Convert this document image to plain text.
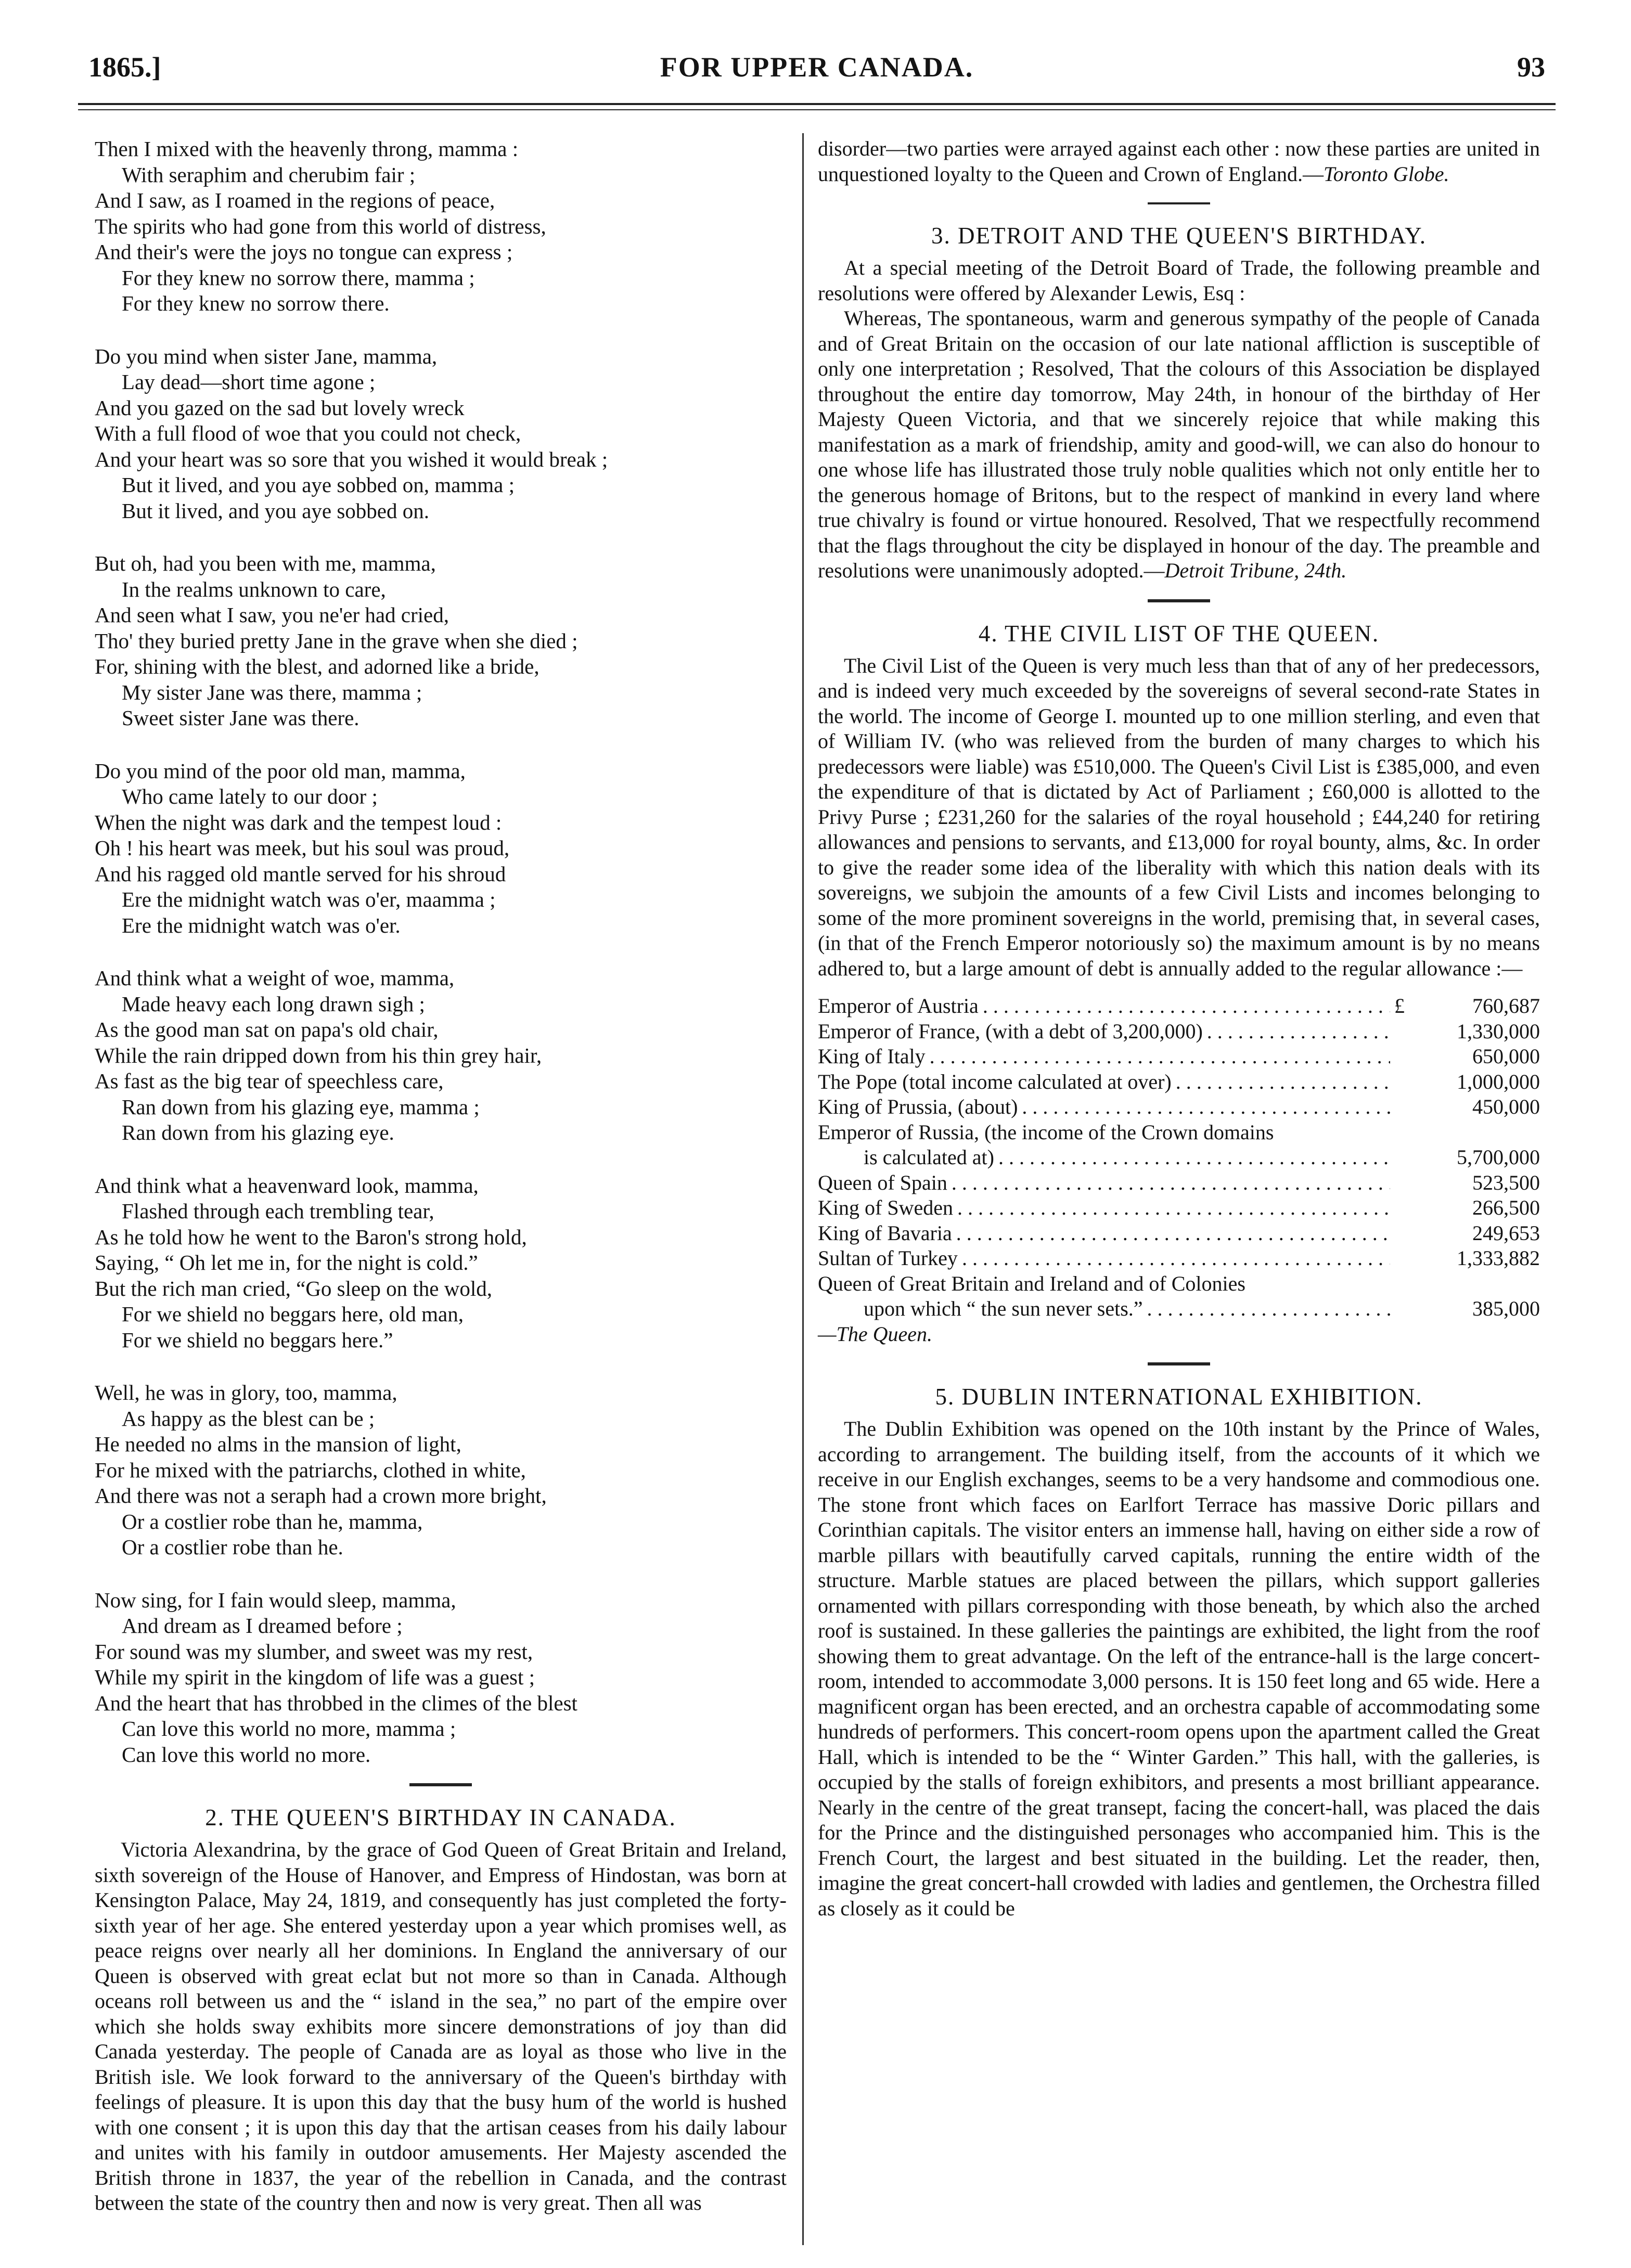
1865.]	FOR UPPER CANADA.	93
Then I mixed with the heavenly throng, mamma :
With seraphim and cherubim fair ;
And I saw, as I roamed in the regions of peace,
The spirits who had gone from this world of distress,
And their's were the joys no tongue can express ;
For they knew no sorrow there, mamma ;
For they knew no sorrow there.
Do you mind when sister Jane, mamma,
Lay dead—short time agone ;
And you gazed on the sad but lovely wreck
With a full flood of woe that you could not check,
And your heart was so sore that you wished it would break ;
But it lived, and you aye sobbed on, mamma ;
But it lived, and you aye sobbed on.
But oh, had you been with me, mamma,
In the realms unknown to care,
And seen what I saw, you ne'er had cried,
Tho' they buried pretty Jane in the grave when she died ;
For, shining with the blest, and adorned like a bride,
My sister Jane was there, mamma ;
Sweet sister Jane was there.
Do you mind of the poor old man, mamma,
Who came lately to our door ;
When the night was dark and the tempest loud :
Oh ! his heart was meek, but his soul was proud,
And his ragged old mantle served for his shroud
Ere the midnight watch was o'er, maamma ;
Ere the midnight watch was o'er.
And think what a weight of woe, mamma,
Made heavy each long drawn sigh ;
As the good man sat on papa's old chair,
While the rain dripped down from his thin grey hair,
As fast as the big tear of speechless care,
Ran down from his glazing eye, mamma ;
Ran down from his glazing eye.
And think what a heavenward look, mamma,
Flashed through each trembling tear,
As he told how he went to the Baron's strong hold,
Saying, “ Oh let me in, for the night is cold.”
But the rich man cried, “Go sleep on the wold,
For we shield no beggars here, old man,
For we shield no beggars here.”
Well, he was in glory, too, mamma,
As happy as the blest can be ;
He needed no alms in the mansion of light,
For he mixed with the patriarchs, clothed in white,
And there was not a seraph had a crown more bright,
Or a costlier robe than he, mamma,
Or a costlier robe than he.
Now sing, for I fain would sleep, mamma,
And dream as I dreamed before ;
For sound was my slumber, and sweet was my rest,
While my spirit in the kingdom of life was a guest ;
And the heart that has throbbed in the climes of the blest
Can love this world no more, mamma ;
Can love this world no more.
2. THE QUEEN'S BIRTHDAY IN CANADA.

Victoria Alexandrina, by the grace of God Queen of Great Britain and Ireland, sixth sovereign of the House of Hanover, and Empress of Hindostan, was born at Kensington Palace, May 24, 1819, and consequently has just completed the forty-sixth year of her age. She entered yesterday upon a year which promises well, as peace reigns over nearly all her dominions. In England the anniversary of our Queen is observed with great eclat but not more so than in Canada. Although oceans roll between us and the “ island in the sea,” no part of the empire over which she holds sway exhibits more sincere demonstrations of joy than did Canada yesterday. The people of Canada are as loyal as those who live in the British isle. We look forward to the anniversary of the Queen's birthday with feelings of pleasure. It is upon this day that the busy hum of the world is hushed with one consent ; it is upon this day that the artisan ceases from his daily labour and unites with his family in outdoor amusements. Her Majesty ascended the British throne in 1837, the year of the rebellion in Canada, and the contrast between the state of the country then and now is very great. Then all was

disorder—two parties were arrayed against each other : now these parties are united in unquestioned loyalty to the Queen and Crown of England.—Toronto Globe.

3. DETROIT AND THE QUEEN'S BIRTHDAY.

At a special meeting of the Detroit Board of Trade, the following preamble and resolutions were offered by Alexander Lewis, Esq :

Whereas, The spontaneous, warm and generous sympathy of the people of Canada and of Great Britain on the occasion of our late national affliction is susceptible of only one interpretation ; Resolved, That the colours of this Association be displayed throughout the entire day tomorrow, May 24th, in honour of the birthday of Her Majesty Queen Victoria, and that we sincerely rejoice that while making this manifestation as a mark of friendship, amity and good-will, we can also do honour to one whose life has illustrated those truly noble qualities which not only entitle her to the generous homage of Britons, but to the respect of mankind in every land where true chivalry is found or virtue honoured. Resolved, That we respectfully recommend that the flags throughout the city be displayed in honour of the day. The preamble and resolutions were unanimously adopted.—Detroit Tribune, 24th.

4. THE CIVIL LIST OF THE QUEEN.

The Civil List of the Queen is very much less than that of any of her predecessors, and is indeed very much exceeded by the sovereigns of several second-rate States in the world. The income of George I. mounted up to one million sterling, and even that of William IV. (who was relieved from the burden of many charges to which his predecessors were liable) was £510,000. The Queen's Civil List is £385,000, and even the expenditure of that is dictated by Act of Parliament ; £60,000 is allotted to the Privy Purse ; £231,260 for the salaries of the royal household ; £44,240 for retiring allowances and pensions to servants, and £13,000 for royal bounty, alms, &c. In order to give the reader some idea of the liberality with which this nation deals with its sovereigns, we subjoin the amounts of a few Civil Lists and incomes belonging to some of the more prominent sovereigns in the world, premising that, in several cases, (in that of the French Emperor notoriously so) the maximum amount is by no means adhered to, but a large amount of debt is annually added to the regular allowance :—

Emperor of Austria . . .	£	760,687
Emperor of France, (with a debt of 3,200,000) . . .	1,330,000
King of Italy . . .	650,000
The Pope (total income calculated at over) . . .	1,000,000
King of Prussia, (about) . . .	450,000
Emperor of Russia, (the income of the Crown domains
is calculated at) . . .	5,700,000
Queen of Spain . . .	523,500
King of Sweden . . .	266,500
King of Bavaria . . .	249,653
Sultan of Turkey . . .	1,333,882
Queen of Great Britain and Ireland and of Colonies
upon which “ the sun never sets.” . . .	385,000
—The Queen.
5. DUBLIN INTERNATIONAL EXHIBITION.

The Dublin Exhibition was opened on the 10th instant by the Prince of Wales, according to arrangement. The building itself, from the accounts of it which we receive in our English exchanges, seems to be a very handsome and commodious one. The stone front which faces on Earlfort Terrace has massive Doric pillars and Corinthian capitals. The visitor enters an immense hall, having on either side a row of marble pillars with beautifully carved capitals, running the entire width of the structure. Marble statues are placed between the pillars, which support galleries ornamented with pillars corresponding with those beneath, by which also the arched roof is sustained. In these galleries the paintings are exhibited, the light from the roof showing them to great advantage. On the left of the entrance-hall is the large concert-room, intended to accommodate 3,000 persons. It is 150 feet long and 65 wide. Here a magnificent organ has been erected, and an orchestra capable of accommodating some hundreds of performers. This concert-room opens upon the apartment called the Great Hall, which is intended to be the “ Winter Garden.” This hall, with the galleries, is occupied by the stalls of foreign exhibitors, and presents a most brilliant appearance. Nearly in the centre of the great transept, facing the concert-hall, was placed the dais for the Prince and the distinguished personages who accompanied him. This is the French Court, the largest and best situated in the building. Let the reader, then, imagine the great concert-hall crowded with ladies and gentlemen, the Orchestra filled as closely as it could be
